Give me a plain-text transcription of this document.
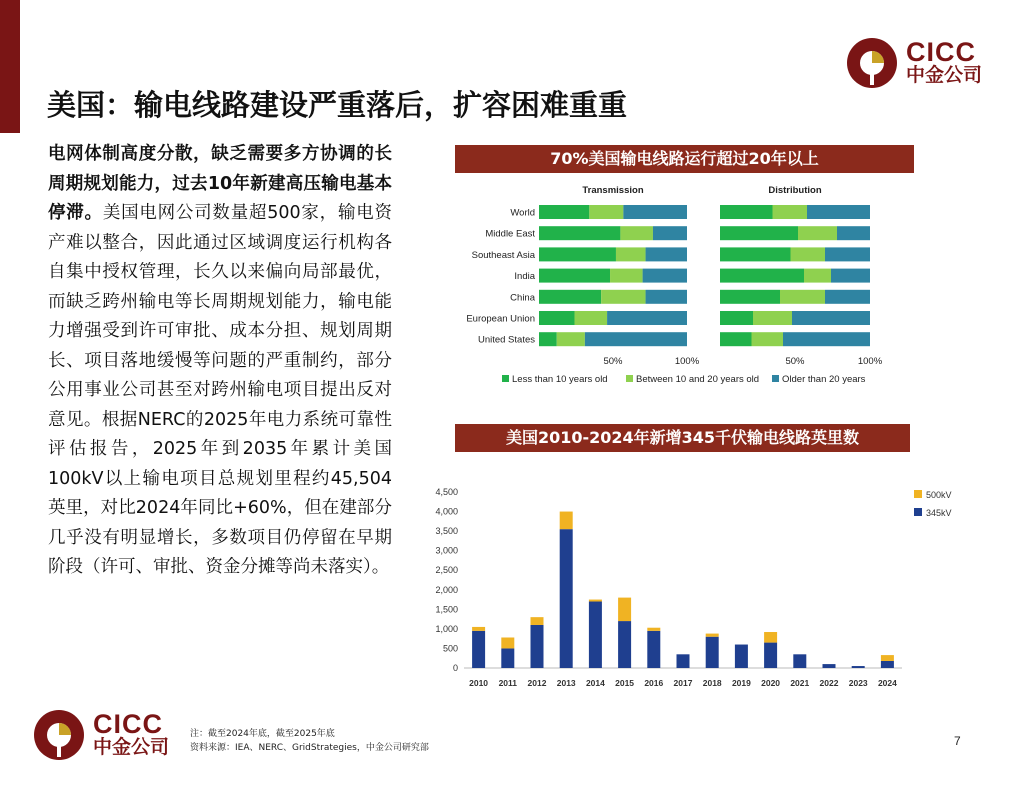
CICC
中金公司
美国：输电线路建设严重落后，扩容困难重重
电网体制高度分散，缺乏需要多方协调的长周期规划能力，过去10年新建高压输电基本停滞。美国电网公司数量超500家，输电资产难以整合，因此通过区域调度运行机构各自集中授权管理，长久以来偏向局部最优，而缺乏跨州输电等长周期规划能力，输电能力增强受到许可审批、成本分担、规划周期长、项目落地缓慢等问题的严重制约，部分公用事业公司甚至对跨州输电项目提出反对意见。根据NERC的2025年电力系统可靠性评估报告，2025年到2035年累计美国100kV以上输电项目总规划里程约45,504英里，对比2024年同比+60%，但在建部分几乎没有明显增长，多数项目仍停留在早期阶段（许可、审批、资金分摊等尚未落实）。
70%美国输电线路运行超过20年以上
World
Middle East
Southeast Asia
India
China
European Union
United States
Transmission
50%	100%
Distribution
50%	100%
Less than 10 years old	Between 10 and 20 years old Older than 20 years
美国2010-2024年新增345千伏输电线路英里数
0
500
1,000
1,500
2,000
2,500
3,000
3,500
4,000
4,500
2010 2011 2012 2013 2014 2015 2016 2017 2018 2019 2020 2021 2022 2023 2024
500kV
345kV
CICC
中金公司
注：截至2024年底，截至2025年底
资料来源：IEA、NERC、GridStrategies，中金公司研究部	7
